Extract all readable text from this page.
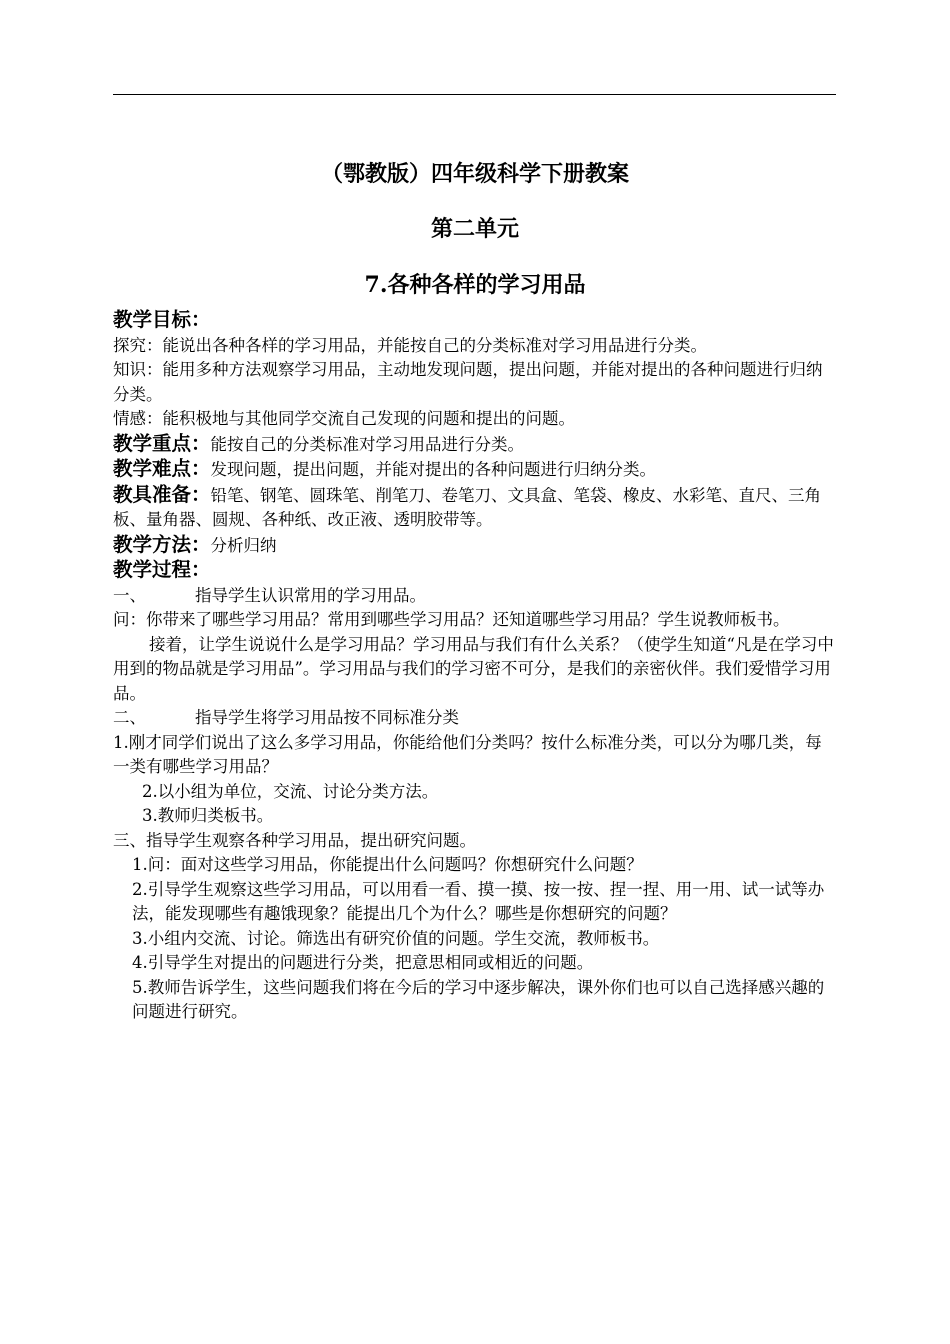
（鄂教版）四年级科学下册教案

第二单元

7.各种各样的学习用品

教学目标：

探究：能说出各种各样的学习用品，并能按自己的分类标准对学习用品进行分类。

知识：能用多种方法观察学习用品，主动地发现问题，提出问题，并能对提出的各种问题进行归纳分类。

情感：能积极地与其他同学交流自己发现的问题和提出的问题。

教学重点：能按自己的分类标准对学习用品进行分类。

教学难点：发现问题，提出问题，并能对提出的各种问题进行归纳分类。

教具准备：铅笔、钢笔、圆珠笔、削笔刀、卷笔刀、文具盒、笔袋、橡皮、水彩笔、直尺、三角板、量角器、圆规、各种纸、改正液、透明胶带等。

教学方法：分析归纳

教学过程：

一、	指导学生认识常用的学习用品。

问：你带来了哪些学习用品？常用到哪些学习用品？还知道哪些学习用品？学生说教师板书。

接着，让学生说说什么是学习用品？学习用品与我们有什么关系？（使学生知道“凡是在学习中用到的物品就是学习用品”。学习用品与我们的学习密不可分，是我们的亲密伙伴。我们爱惜学习用品。

二、	指导学生将学习用品按不同标准分类

1.刚才同学们说出了这么多学习用品，你能给他们分类吗？按什么标准分类，可以分为哪几类，每一类有哪些学习用品？

2.以小组为单位，交流、讨论分类方法。

3.教师归类板书。

三、指导学生观察各种学习用品，提出研究问题。

1.问：面对这些学习用品，你能提出什么问题吗？你想研究什么问题？

2.引导学生观察这些学习用品，可以用看一看、摸一摸、按一按、捏一捏、用一用、试一试等办法，能发现哪些有趣饿现象？能提出几个为什么？哪些是你想研究的问题？

3.小组内交流、讨论。筛选出有研究价值的问题。学生交流，教师板书。

4.引导学生对提出的问题进行分类，把意思相同或相近的问题。

5.教师告诉学生，这些问题我们将在今后的学习中逐步解决，课外你们也可以自己选择感兴趣的问题进行研究。
